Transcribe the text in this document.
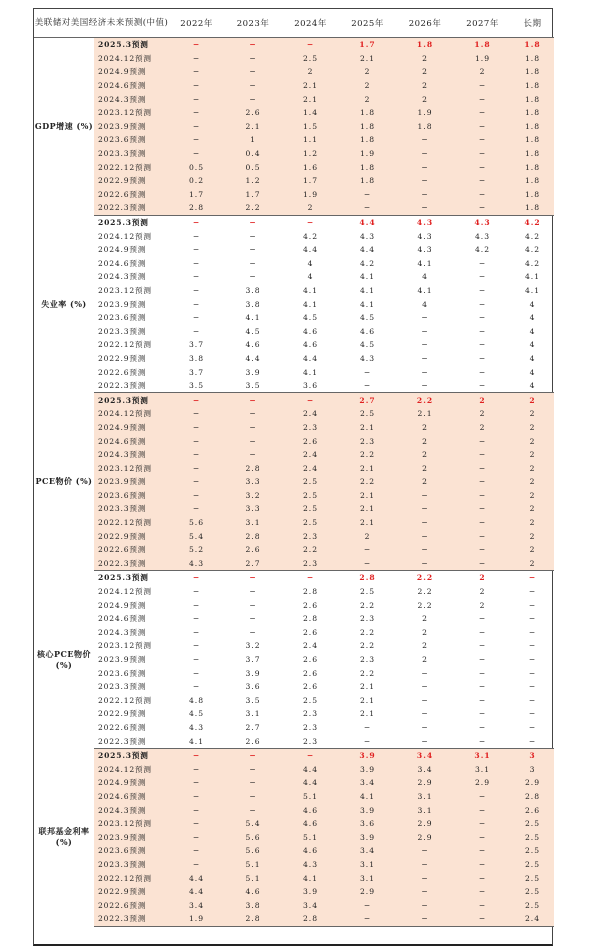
美联储对美国经济未来预测(中值)		2022年	2023年	2024年	2025年	2026年	2027年	长期
GDP增速 (%)	2025.3预测	−	−	−	1.7	1.8	1.8	1.8
	2024.12预测	−	−	2.5	2.1	2	1.9	1.8
	2024.9预测	−	−	2	2	2	2	1.8
	2024.6预测	−	−	2.1	2	2	−	1.8
	2024.3预测	−	−	2.1	2	2	−	1.8
	2023.12预测	−	2.6	1.4	1.8	1.9	−	1.8
	2023.9预测	−	2.1	1.5	1.8	1.8	−	1.8
	2023.6预测	−	1	1.1	1.8	−	−	1.8
	2023.3预测	−	0.4	1.2	1.9	−	−	1.8
	2022.12预测	0.5	0.5	1.6	1.8	−	−	1.8
	2022.9预测	0.2	1.2	1.7	1.8	−	−	1.8
	2022.6预测	1.7	1.7	1.9	−	−	−	1.8
	2022.3预测	2.8	2.2	2	−	−	−	1.8
失业率 (%)	2025.3预测	−	−	−	4.4	4.3	4.3	4.2
	2024.12预测	−	−	4.2	4.3	4.3	4.3	4.2
	2024.9预测	−	−	4.4	4.4	4.3	4.2	4.2
	2024.6预测	−	−	4	4.2	4.1	−	4.2
	2024.3预测	−	−	4	4.1	4	−	4.1
	2023.12预测	−	3.8	4.1	4.1	4.1	−	4.1
	2023.9预测	−	3.8	4.1	4.1	4	−	4
	2023.6预测	−	4.1	4.5	4.5	−	−	4
	2023.3预测	−	4.5	4.6	4.6	−	−	4
	2022.12预测	3.7	4.6	4.6	4.5	−	−	4
	2022.9预测	3.8	4.4	4.4	4.3	−	−	4
	2022.6预测	3.7	3.9	4.1	−	−	−	4
	2022.3预测	3.5	3.5	3.6	−	−	−	4
PCE物价 (%)	2025.3预测	−	−	−	2.7	2.2	2	2
	2024.12预测	−	−	2.4	2.5	2.1	2	2
	2024.9预测	−	−	2.3	2.1	2	2	2
	2024.6预测	−	−	2.6	2.3	2	−	2
	2024.3预测	−	−	2.4	2.2	2	−	2
	2023.12预测	−	2.8	2.4	2.1	2	−	2
	2023.9预测	−	3.3	2.5	2.2	2	−	2
	2023.6预测	−	3.2	2.5	2.1	−	−	2
	2023.3预测	−	3.3	2.5	2.1	−	−	2
	2022.12预测	5.6	3.1	2.5	2.1	−	−	2
	2022.9预测	5.4	2.8	2.3	2	−	−	2
	2022.6预测	5.2	2.6	2.2	−	−	−	2
	2022.3预测	4.3	2.7	2.3	−	−	−	2
核心PCE物价 (%)	2025.3预测	−	−	−	2.8	2.2	2	−
	2024.12预测	−	−	2.8	2.5	2.2	2	−
	2024.9预测	−	−	2.6	2.2	2.2	2	−
	2024.6预测	−	−	2.8	2.3	2	−	−
	2024.3预测	−	−	2.6	2.2	2	−	−
	2023.12预测	−	3.2	2.4	2.2	2	−	−
	2023.9预测	−	3.7	2.6	2.3	2	−	−
	2023.6预测	−	3.9	2.6	2.2	−	−	−
	2023.3预测	−	3.6	2.6	2.1	−	−	−
	2022.12预测	4.8	3.5	2.5	2.1	−	−	−
	2022.9预测	4.5	3.1	2.3	2.1	−	−	−
	2022.6预测	4.3	2.7	2.3	−	−	−	−
	2022.3预测	4.1	2.6	2.3	−	−	−	−
联邦基金利率 (%)	2025.3预测	−	−	−	3.9	3.4	3.1	3
	2024.12预测	−	−	4.4	3.9	3.4	3.1	3
	2024.9预测	−	−	4.4	3.4	2.9	2.9	2.9
	2024.6预测	−	−	5.1	4.1	3.1	−	2.8
	2024.3预测	−	−	4.6	3.9	3.1	−	2.6
	2023.12预测	−	5.4	4.6	3.6	2.9	−	2.5
	2023.9预测	−	5.6	5.1	3.9	2.9	−	2.5
	2023.6预测	−	5.6	4.6	3.4	−	−	2.5
	2023.3预测	−	5.1	4.3	3.1	−	−	2.5
	2022.12预测	4.4	5.1	4.1	3.1	−	−	2.5
	2022.9预测	4.4	4.6	3.9	2.9	−	−	2.5
	2022.6预测	3.4	3.8	3.4	−	−	−	2.5
	2022.3预测	1.9	2.8	2.8	−	−	−	2.4
